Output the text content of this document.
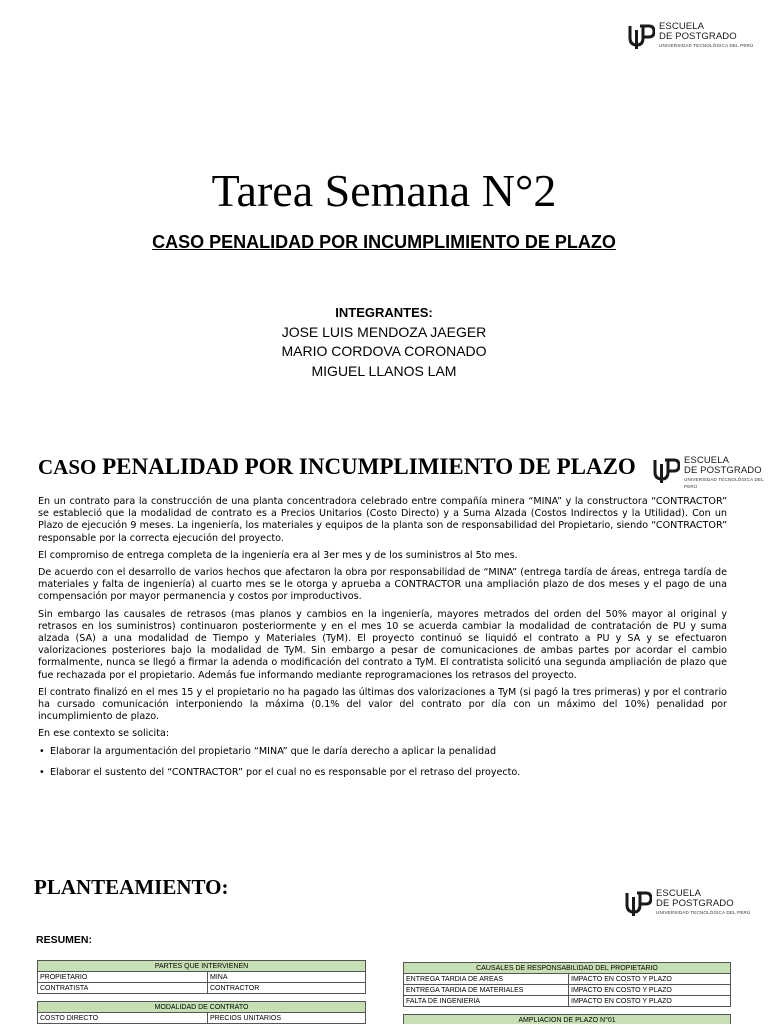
ESCUELA
DE POSTGRADO
UNIVERSIDAD TECNOLÓGICA DEL PERÚ
Tarea Semana N°2
CASO PENALIDAD POR INCUMPLIMIENTO DE PLAZO
INTEGRANTES:
JOSE LUIS MENDOZA JAEGER
MARIO CORDOVA CORONADO
MIGUEL LLANOS LAM
CASO PENALIDAD POR INCUMPLIMIENTO DE PLAZO	ESCUELA
DE POSTGRADO
UNIVERSIDAD TECNOLÓGICA DEL PERÚ

En un contrato para la construcción de una planta concentradora celebrado entre compañía minera “MINA” y la constructora “CONTRACTOR” se estableció que la modalidad de contrato es a Precios Unitarios (Costo Directo) y a Suma Alzada (Costos Indirectos y la Utilidad). Con un Plazo de ejecución 9 meses. La ingeniería, los materiales y equipos de la planta son de responsabilidad del Propietario, siendo “CONTRACTOR” responsable por la correcta ejecución del proyecto.

El compromiso de entrega completa de la ingeniería era al 3er mes y de los suministros al 5to mes.

De acuerdo con el desarrollo de varios hechos que afectaron la obra por responsabilidad de “MINA” (entrega tardía de áreas, entrega tardía de materiales y falta de ingeniería) al cuarto mes se le otorga y aprueba a CONTRACTOR una ampliación plazo de dos meses y el pago de una compensación por mayor permanencia y costos por improductivos.

Sin embargo las causales de retrasos (mas planos y cambios en la ingeniería, mayores metrados del orden del 50% mayor al original y retrasos en los suministros) continuaron posteriormente y en el mes 10 se acuerda cambiar la modalidad de contratación de PU y suma alzada (SA) a una modalidad de Tiempo y Materiales (TyM). El proyecto continuó se liquidó el contrato a PU y SA y se efectuaron valorizaciones posteriores bajo la modalidad de TyM. Sin embargo a pesar de comunicaciones de ambas partes por acordar el cambio formalmente, nunca se llegó a firmar la adenda o modificación del contrato a TyM. El contratista solicitó una segunda ampliación de plazo que fue rechazada por el propietario. Además fue informando mediante reprogramaciones los retrasos del proyecto.

El contrato finalizó en el mes 15 y el propietario no ha pagado las últimas dos valorizaciones a TyM (si pagó la tres primeras) y por el contrario ha cursado comunicación interponiendo la máxima (0.1% del valor del contrato por día con un máximo del 10%) penalidad por incumplimiento de plazo.

En ese contexto se solicita:

• Elaborar la argumentación del propietario “MINA” que le daría derecho a aplicar la penalidad
• Elaborar el sustento del “CONTRACTOR” por el cual no es responsable por el retraso del proyecto.
PLANTEAMIENTO:	ESCUELA
DE POSTGRADO
UNIVERSIDAD TECNOLÓGICA DEL PERÚ
RESUMEN:
PARTES QUE INTERVIENEN	
PROPIETARIO	MINA
CONTRATISTA	CONTRACTOR

MODALIDAD DE CONTRATO	
COSTO DIRECTO	PRECIOS UNITARIOS
CAUSALES DE RESPONSABILIDAD DEL PROPIETARIO	
ENTREGA TARDIA DE AREAS	IMPACTO EN COSTO Y PLAZO
ENTREGA TARDIA DE MATERIALES	IMPACTO EN COSTO Y PLAZO
FALTA DE INGENIERIA	IMPACTO EN COSTO Y PLAZO

AMPLIACION DE PLAZO N°01	
